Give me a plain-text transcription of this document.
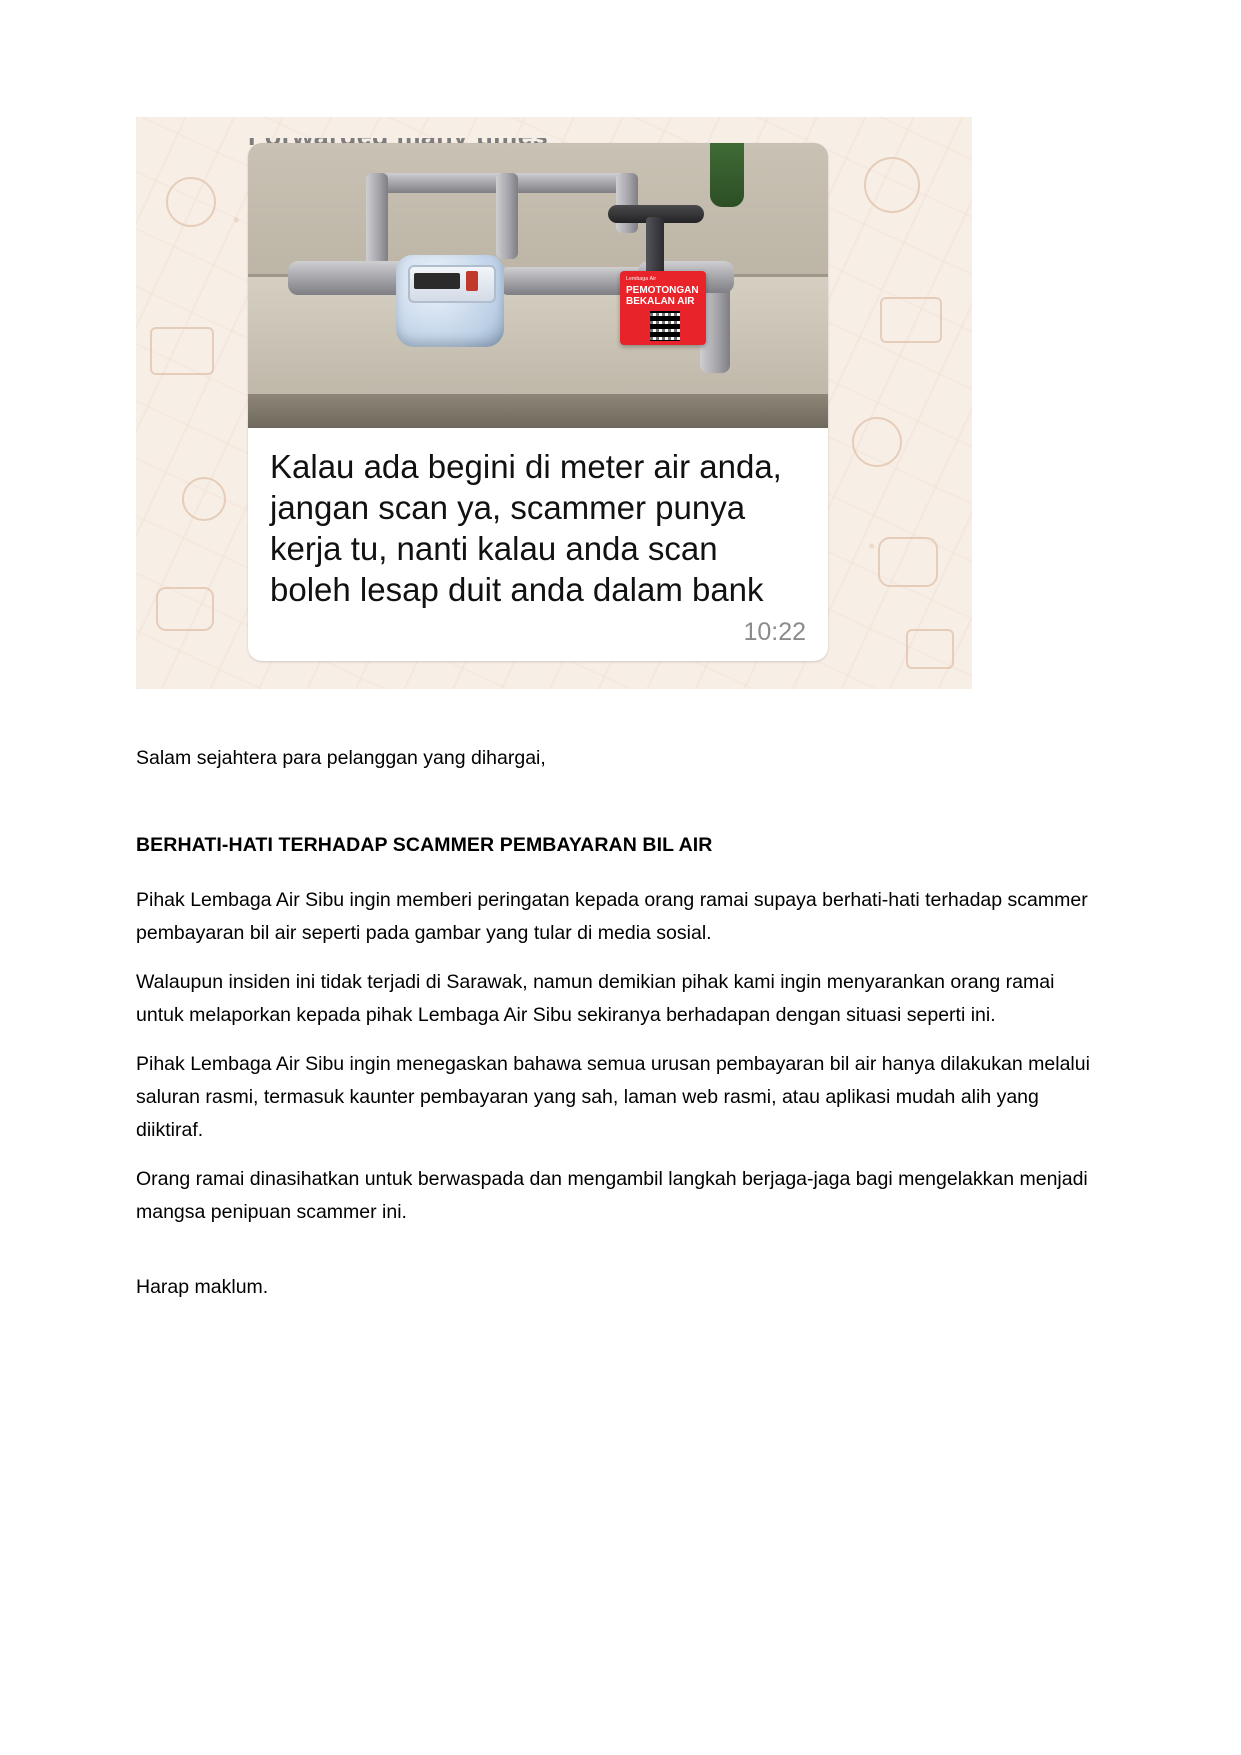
Lembaga Air
PEMOTONGAN BEKALAN AIR
Kalau ada begini di meter air anda, jangan scan ya, scammer punya kerja tu, nanti kalau anda scan boleh lesap duit anda dalam bank
10:22

Salam sejahtera para pelanggan yang dihargai,

BERHATI-HATI TERHADAP SCAMMER PEMBAYARAN BIL AIR

Pihak Lembaga Air Sibu ingin memberi peringatan kepada orang ramai supaya berhati-hati terhadap scammer pembayaran bil air seperti pada gambar yang tular di media sosial.

Walaupun insiden ini tidak terjadi di Sarawak, namun demikian pihak kami ingin menyarankan orang ramai untuk melaporkan kepada pihak Lembaga Air Sibu sekiranya berhadapan dengan situasi seperti ini.

Pihak Lembaga Air Sibu ingin menegaskan bahawa semua urusan pembayaran bil air hanya dilakukan melalui saluran rasmi, termasuk kaunter pembayaran yang sah, laman web rasmi, atau aplikasi mudah alih yang diiktiraf.

Orang ramai dinasihatkan untuk berwaspada dan mengambil langkah berjaga-jaga bagi mengelakkan menjadi mangsa penipuan scammer ini.

Harap maklum.
